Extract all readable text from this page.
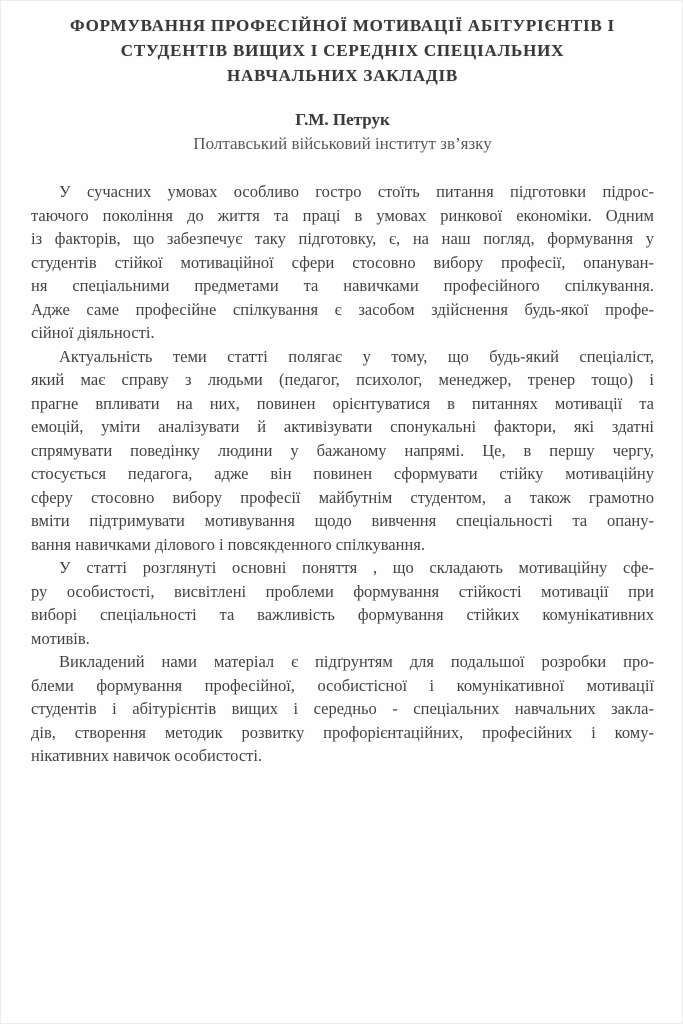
ФОРМУВАННЯ ПРОФЕСІЙНОЇ МОТИВАЦІЇ АБІТУРІЄНТІВ І
СТУДЕНТІВ ВИЩИХ І СЕРЕДНІХ СПЕЦІАЛЬНИХ
НАВЧАЛЬНИХ ЗАКЛАДІВ
Г.М. Петрук
Полтавський військовий інститут зв’язку
У сучасних умовах особливо гостро стоїть питання підготовки підрос-
таючого покоління до життя та праці в умовах ринкової економіки. Одним
із факторів, що забезпечує таку підготовку, є, на наш погляд, формування у
студентів стійкої мотиваційної сфери стосовно вибору професії, опануван-
ня спеціальними предметами та навичками професійного спілкування.
Адже саме професійне спілкування є засобом здійснення будь-якої профе-
сійної діяльності.
Актуальність теми статті полягає у тому, що будь-який спеціаліст,
який має справу з людьми (педагог, психолог, менеджер, тренер тощо) і
прагне впливати на них, повинен орієнтуватися в питаннях мотивації та
емоцій, уміти аналізувати й активізувати спонукальні фактори, які здатні
спрямувати поведінку людини у бажаному напрямі. Це, в першу чергу,
стосується педагога, адже він повинен сформувати стійку мотиваційну
сферу стосовно вибору професії майбутнім студентом, а також грамотно
вміти підтримувати мотивування щодо вивчення спеціальності та опану-
вання навичками ділового і повсякденного спілкування.
У статті розглянуті основні поняття , що складають мотиваційну сфе-
ру особистості, висвітлені проблеми формування стійкості мотивації при
виборі спеціальності та важливість формування стійких комунікативних
мотивів.
Викладений нами матеріал є підґрунтям для подальшої розробки про-
блеми формування професійної, особистісної і комунікативної мотивації
студентів і абітурієнтів вищих і середньо - спеціальних навчальних закла-
дів, створення методик розвитку профорієнтаційних, професійних і кому-
нікативних навичок особистості.
